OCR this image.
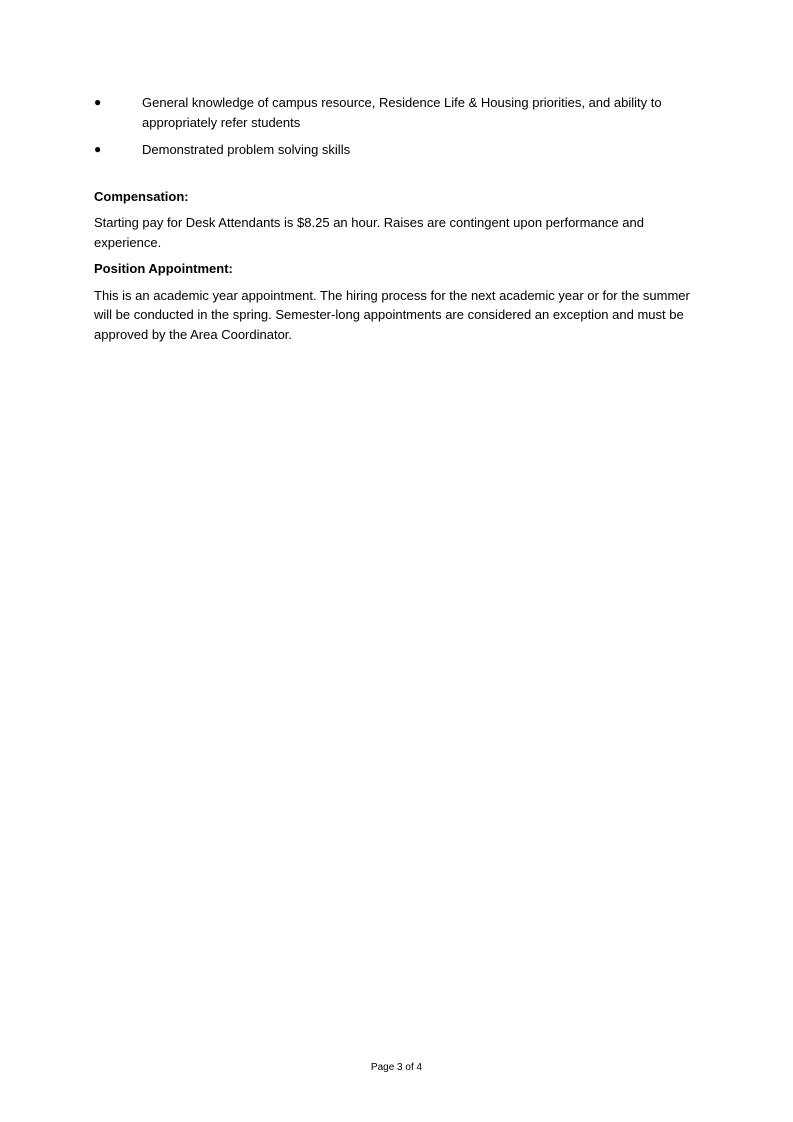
●	General knowledge of campus resource, Residence Life & Housing priorities, and ability to appropriately refer students
●	Demonstrated problem solving skills
Compensation:

Starting pay for Desk Attendants is $8.25 an hour. Raises are contingent upon performance and experience.

Position Appointment:

This is an academic year appointment. The hiring process for the next academic year or for the summer will be conducted in the spring. Semester-long appointments are considered an exception and must be approved by the Area Coordinator.

Page 3 of 4
